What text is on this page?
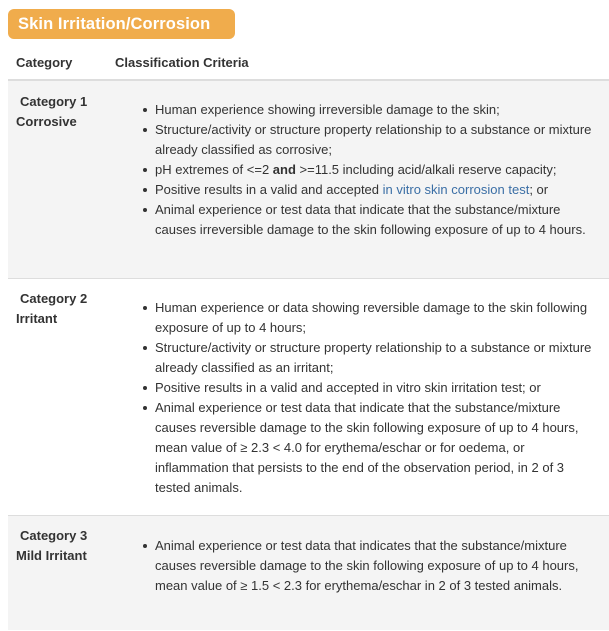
Skin Irritation/Corrosion
Category	Classification Criteria
Category 1
Corrosive
Human experience showing irreversible damage to the skin;
Structure/activity or structure property relationship to a substance or mixture already classified as corrosive;
pH extremes of <=2 and >=11.5 including acid/alkali reserve capacity;
Positive results in a valid and accepted in vitro skin corrosion test; or
Animal experience or test data that indicate that the substance/mixture causes irreversible damage to the skin following exposure of up to 4 hours.
Category 2
Irritant
Human experience or data showing reversible damage to the skin following exposure of up to 4 hours;
Structure/activity or structure property relationship to a substance or mixture already classified as an irritant;
Positive results in a valid and accepted in vitro skin irritation test; or
Animal experience or test data that indicate that the substance/mixture causes reversible damage to the skin following exposure of up to 4 hours, mean value of ≥ 2.3 < 4.0 for erythema/eschar or for oedema, or inflammation that persists to the end of the observation period, in 2 of 3 tested animals.
Category 3
Mild Irritant
Animal experience or test data that indicates that the substance/mixture causes reversible damage to the skin following exposure of up to 4 hours, mean value of ≥ 1.5 < 2.3 for erythema/eschar in 2 of 3 tested animals.
